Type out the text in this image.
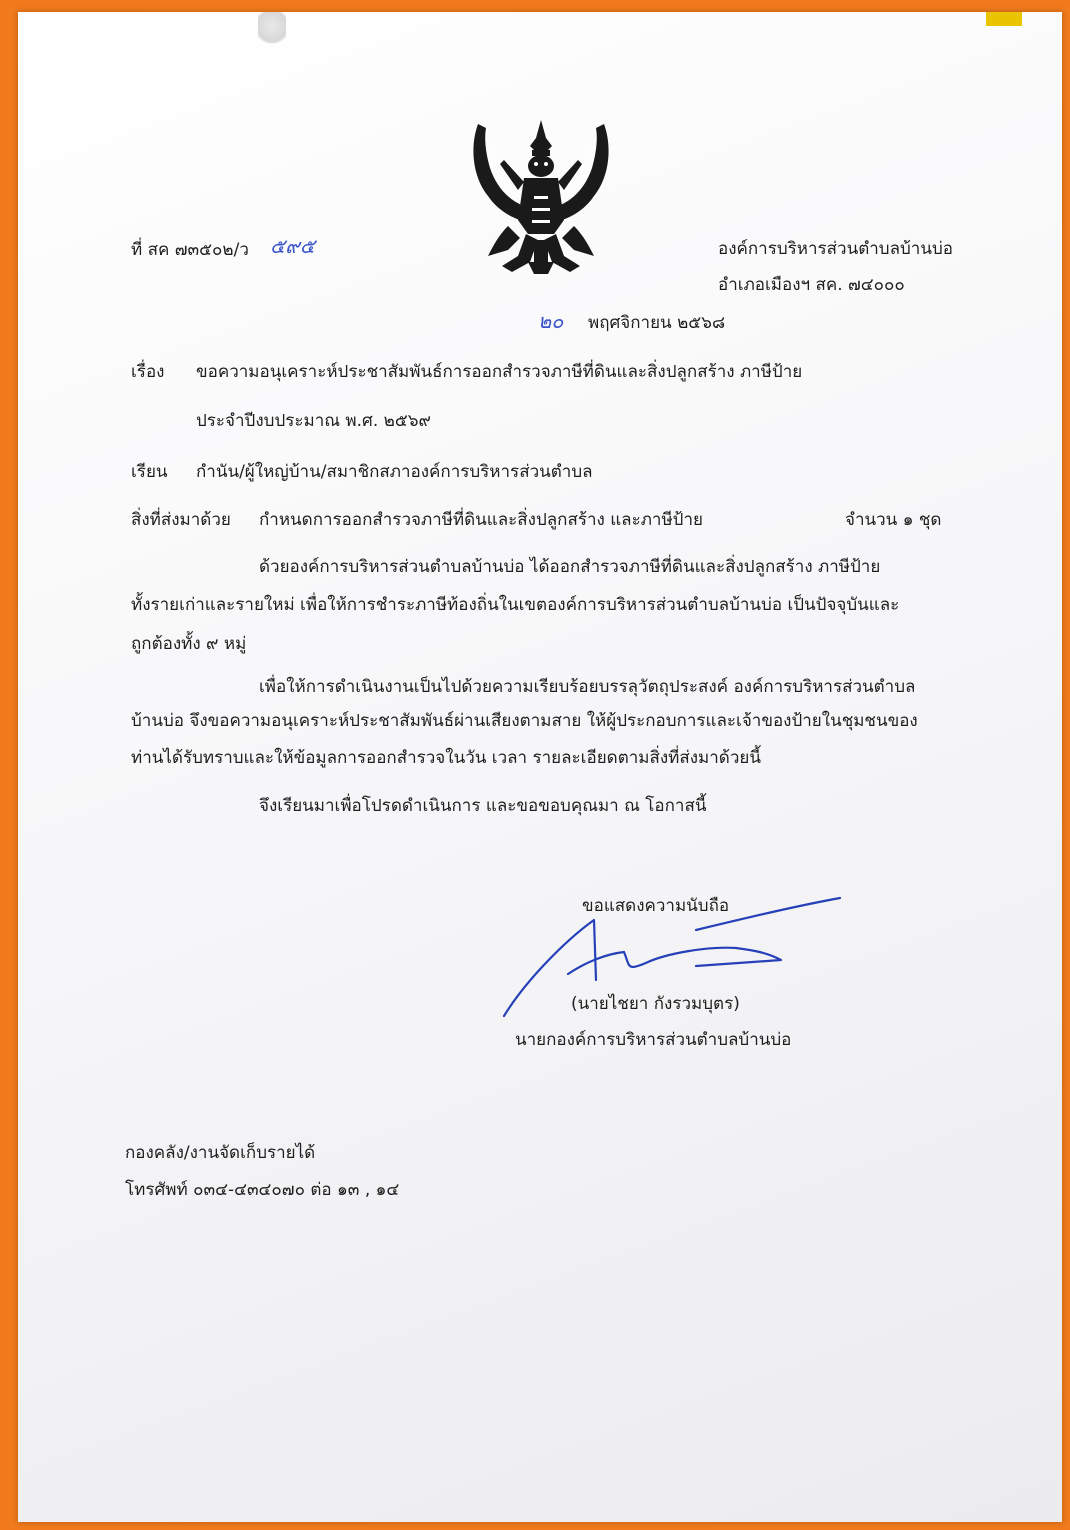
ที่ สค ๗๓๕๐๒/ว ๕๙๕	องค์การบริหารส่วนตำบลบ้านบ่อ
อำเภอเมืองฯ สค. ๗๔๐๐๐
๒๐ พฤศจิกายน ๒๕๖๘
เรื่อง ขอความอนุเคราะห์ประชาสัมพันธ์การออกสำรวจภาษีที่ดินและสิ่งปลูกสร้าง ภาษีป้าย
ประจำปีงบประมาณ พ.ศ. ๒๕๖๙
เรียน กำนัน/ผู้ใหญ่บ้าน/สมาชิกสภาองค์การบริหารส่วนตำบล
สิ่งที่ส่งมาด้วย กำหนดการออกสำรวจภาษีที่ดินและสิ่งปลูกสร้าง และภาษีป้าย	จำนวน ๑ ชุด
ด้วยองค์การบริหารส่วนตำบลบ้านบ่อ ได้ออกสำรวจภาษีที่ดินและสิ่งปลูกสร้าง ภาษีป้าย
ทั้งรายเก่าและรายใหม่ เพื่อให้การชำระภาษีท้องถิ่นในเขตองค์การบริหารส่วนตำบลบ้านบ่อ เป็นปัจจุบันและ
ถูกต้องทั้ง ๙ หมู่
เพื่อให้การดำเนินงานเป็นไปด้วยความเรียบร้อยบรรลุวัตถุประสงค์ องค์การบริหารส่วนตำบล
บ้านบ่อ จึงขอความอนุเคราะห์ประชาสัมพันธ์ผ่านเสียงตามสาย ให้ผู้ประกอบการและเจ้าของป้ายในชุมชนของ
ท่านได้รับทราบและให้ข้อมูลการออกสำรวจในวัน เวลา รายละเอียดตามสิ่งที่ส่งมาด้วยนี้
จึงเรียนมาเพื่อโปรดดำเนินการ และขอขอบคุณมา ณ โอกาสนี้
ขอแสดงความนับถือ
(นายไชยา กังรวมบุตร)
นายกองค์การบริหารส่วนตำบลบ้านบ่อ
กองคลัง/งานจัดเก็บรายได้
โทรศัพท์ ๐๓๔-๔๓๔๐๗๐ ต่อ ๑๓ , ๑๔
